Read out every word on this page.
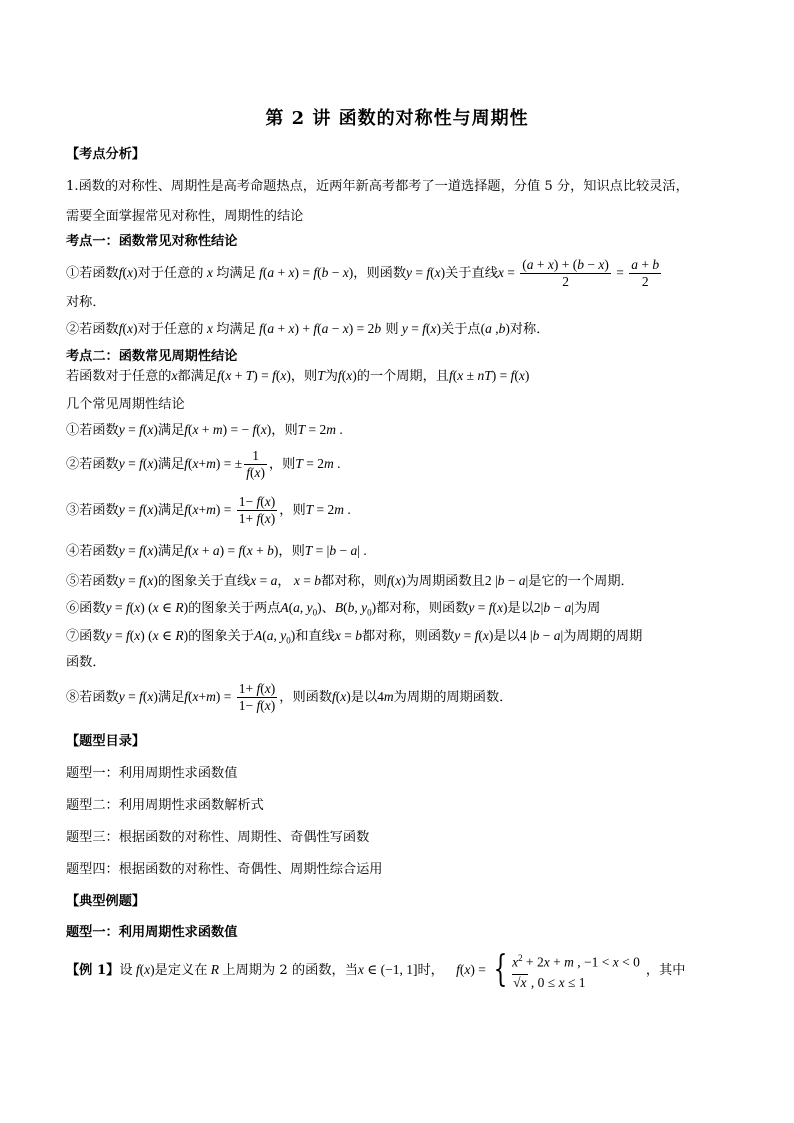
第 2 讲 函数的对称性与周期性
【考点分析】
1.函数的对称性、周期性是高考命题热点，近两年新高考都考了一道选择题，分值 5 分，知识点比较灵活，
需要全面掌握常见对称性，周期性的结论
考点一：函数常见对称性结论
①若函数f(x)对于任意的 x 均满足 f(a + x) = f(b − x)，则函数y = f(x)关于直线$x = \frac{(a + x) + (b - x)}{2} = \frac{a + b}{2}$
对称．
②若函数f(x)对于任意的 x 均满足 f(a + x) + f(a − x) = 2b 则 y = f(x)关于点(a ,b)对称．
考点二：函数常见周期性结论
若函数对于任意的x都满足f(x + T) = f(x)，则T为f(x)的一个周期，且f(x ± nT) = f(x)
几个常见周期性结论
①若函数y = f(x)满足f(x + m) = − f(x)，则T = 2m .
②若函数y = f(x)满足f(x+m) = ± $\frac{1}{f(x)}$ ，则T = 2m .
③若函数y = f(x)满足$f(x+m) = \frac{1- f(x)}{1+ f(x)}$ ，则T = 2m .
④若函数y = f(x)满足f(x + a) = f(x + b)，则T = |b − a| .
⑤若函数y = f(x)的图象关于直线x = a， x = b都对称，则f(x)为周期函数且2 |b − a|是它的一个周期．
⑥函数y = f(x) (x ∈ R)的图象关于两点A(a, $y_0$)、B(b, $y_0$)都对称，则函数y = f(x)是以2|b − a|为周
⑦函数y = f(x) (x ∈ R)的图象关于A(a, $y_0$)和直线x = b都对称，则函数y = f(x)是以4 |b − a|为周期的周期
函数．
⑧若函数y = f(x)满足$f(x+m) = \frac{1+ f(x)}{1- f(x)}$ ，则函数f(x)是以4m为周期的周期函数．
【题型目录】
题型一：利用周期性求函数值
题型二：利用周期性求函数解析式
题型三：根据函数的对称性、周期性、奇偶性写函数
题型四：根据函数的对称性、奇偶性、周期性综合运用
【典型例题】
题型一：利用周期性求函数值
【例 1】设 f(x)是定义在 R 上周期为 2 的函数，当x ∈ (−1, 1]时， f(x) = { $x^2 + 2x + m$ , −1 < x < 0
√x , 0 ≤ x ≤ 1
，其中
